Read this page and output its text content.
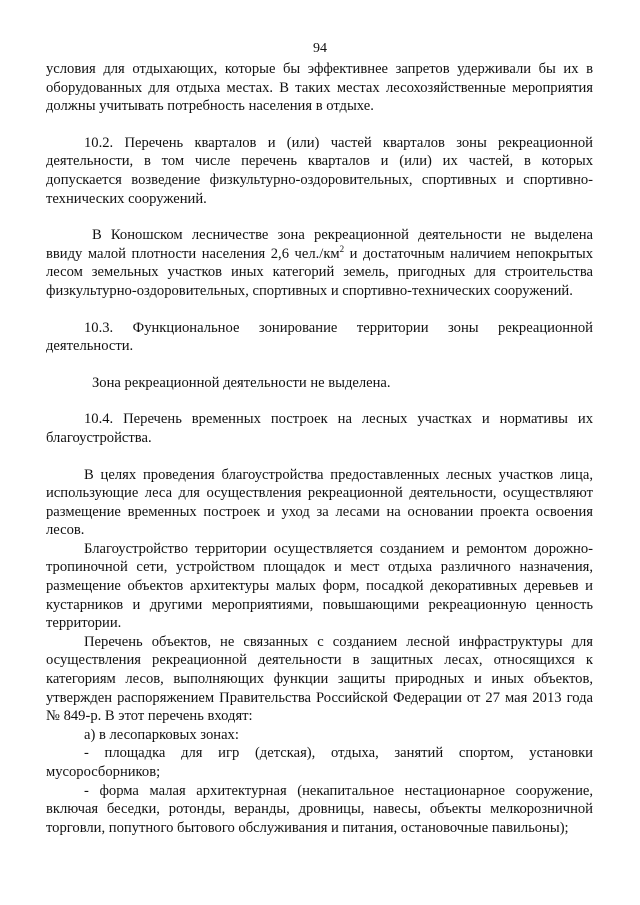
94

условия для отдыхающих, которые бы эффективнее запретов удерживали бы их в оборудованных для отдыха местах. В таких местах лесохозяйственные мероприятия должны учитывать потребность населения в отдыхе.

10.2. Перечень кварталов и (или) частей кварталов зоны рекреационной деятельности, в том числе перечень кварталов и (или) их частей, в которых допускается возведение физкультурно-оздоровительных, спортивных и спортивно-технических сооружений.

В Коношском лесничестве зона рекреационной деятельности не выделена ввиду малой плотности населения 2,6 $чел./км^2$ и достаточным наличием непокрытых лесом земельных участков иных категорий земель, пригодных для строительства физкультурно-оздоровительных, спортивных и спортивно-технических сооружений.

10.3. Функциональное зонирование территории зоны рекреационной деятельности.

Зона рекреационной деятельности не выделена.

10.4. Перечень временных построек на лесных участках и нормативы их благоустройства.

В целях проведения благоустройства предоставленных лесных участков лица, использующие леса для осуществления рекреационной деятельности, осуществляют размещение временных построек и уход за лесами на основании проекта освоения лесов.

Благоустройство территории осуществляется созданием и ремонтом дорожно-тропиночной сети, устройством площадок и мест отдыха различного назначения, размещение объектов архитектуры малых форм, посадкой декоративных деревьев и кустарников и другими мероприятиями, повышающими рекреационную ценность территории.

Перечень объектов, не связанных с созданием лесной инфраструктуры для осуществления рекреационной деятельности в защитных лесах, относящихся к категориям лесов, выполняющих функции защиты природных и иных объектов, утвержден распоряжением Правительства Российской Федерации от 27 мая 2013 года № 849-р. В этот перечень входят:

а) в лесопарковых зонах:

- площадка для игр (детская), отдыха, занятий спортом, установки мусоросборников;

- форма малая архитектурная (некапитальное нестационарное сооружение, включая беседки, ротонды, веранды, дровницы, навесы, объекты мелкорозничной торговли, попутного бытового обслуживания и питания, остановочные павильоны);
